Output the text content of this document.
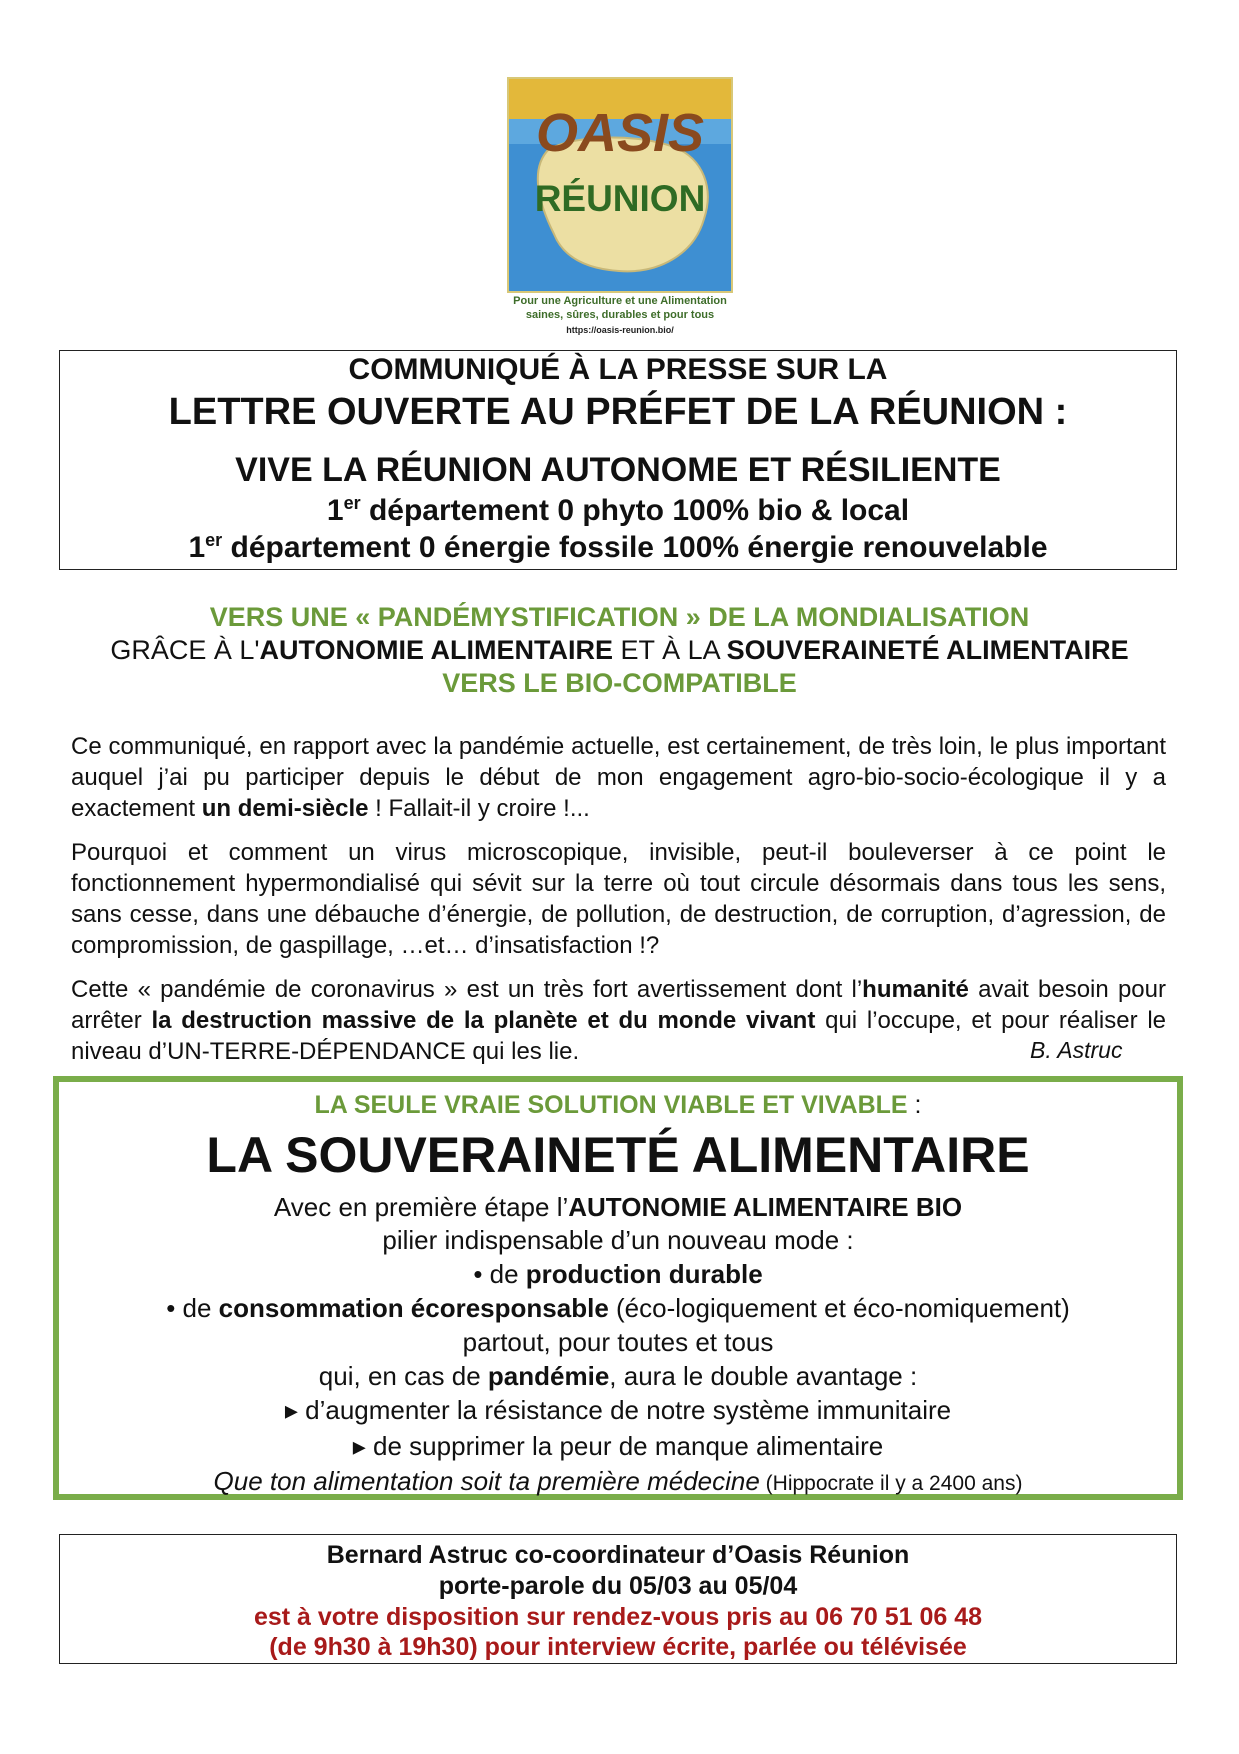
OASIS
RÉUNION
Pour une Agriculture et une Alimentation
saines, sûres, durables et pour tous
https://oasis-reunion.bio/
COMMUNIQUÉ À LA PRESSE SUR LA
LETTRE OUVERTE AU PRÉFET DE LA RÉUNION :
VIVE LA RÉUNION AUTONOME ET RÉSILIENTE
1er département 0 phyto 100% bio & local
1er département 0 énergie fossile 100% énergie renouvelable
VERS UNE « PANDÉMYSTIFICATION » DE LA MONDIALISATION
GRÂCE À L'AUTONOMIE ALIMENTAIRE ET À LA SOUVERAINETÉ ALIMENTAIRE
VERS LE BIO-COMPATIBLE
Ce communiqué, en rapport avec la pandémie actuelle, est certainement, de très loin, le plus important auquel j’ai pu participer depuis le début de mon engagement agro-bio-socio-écologique il y a exactement un demi-siècle ! Fallait-il y croire !...
Pourquoi et comment un virus microscopique, invisible, peut-il bouleverser à ce point le fonctionnement hypermondialisé qui sévit sur la terre où tout circule désormais dans tous les sens, sans cesse, dans une débauche d’énergie, de pollution, de destruction, de corruption, d’agression, de compromission, de gaspillage, …et… d’insatisfaction !?
Cette « pandémie de coronavirus » est un très fort avertissement dont l’humanité avait besoin pour arrêter la destruction massive de la planète et du monde vivant qui l’occupe, et pour réaliser le niveau d’UN-TERRE-DÉPENDANCE qui les lie.	B. Astruc
LA SEULE VRAIE SOLUTION VIABLE ET VIVABLE :
LA SOUVERAINETÉ ALIMENTAIRE
Avec en première étape l’AUTONOMIE ALIMENTAIRE BIO
pilier indispensable d’un nouveau mode :
• de production durable
• de consommation écoresponsable (éco-logiquement et éco-nomiquement)
partout, pour toutes et tous
qui, en cas de pandémie, aura le double avantage :
▸ d’augmenter la résistance de notre système immunitaire
▸ de supprimer la peur de manque alimentaire
Que ton alimentation soit ta première médecine (Hippocrate il y a 2400 ans)
Bernard Astruc co-coordinateur d’Oasis Réunion
porte-parole du 05/03 au 05/04
est à votre disposition sur rendez-vous pris au 06 70 51 06 48
(de 9h30 à 19h30) pour interview écrite, parlée ou télévisée
